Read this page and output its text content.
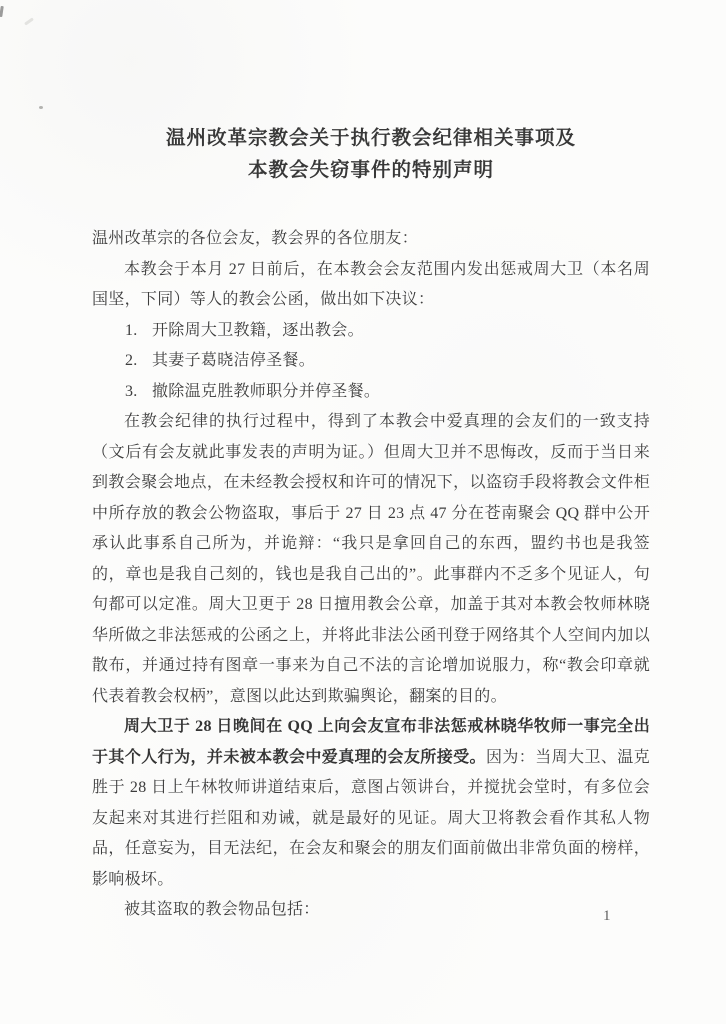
温州改革宗教会关于执行教会纪律相关事项及
本教会失窃事件的特别声明

温州改革宗的各位会友，教会界的各位朋友：

本教会于本月 27 日前后，在本教会会友范围内发出惩戒周大卫（本名周国坚，下同）等人的教会公函，做出如下决议：

1. 开除周大卫教籍，逐出教会。
2. 其妻子葛晓洁停圣餐。
3. 撤除温克胜教师职分并停圣餐。

在教会纪律的执行过程中，得到了本教会中爱真理的会友们的一致支持（文后有会友就此事发表的声明为证。）但周大卫并不思悔改，反而于当日来到教会聚会地点，在未经教会授权和许可的情况下，以盗窃手段将教会文件柜中所存放的教会公物盗取，事后于 27 日 23 点 47 分在苍南聚会 QQ 群中公开承认此事系自己所为，并诡辩：“我只是拿回自己的东西，盟约书也是我签的，章也是我自己刻的，钱也是我自己出的”。此事群内不乏多个见证人，句句都可以定准。周大卫更于 28 日擅用教会公章，加盖于其对本教会牧师林晓华所做之非法惩戒的公函之上，并将此非法公函刊登于网络其个人空间内加以散布，并通过持有图章一事来为自己不法的言论增加说服力，称“教会印章就代表着教会权柄”，意图以此达到欺骗舆论，翻案的目的。

周大卫于 28 日晚间在 QQ 上向会友宣布非法惩戒林晓华牧师一事完全出于其个人行为，并未被本教会中爱真理的会友所接受。因为：当周大卫、温克胜于 28 日上午林牧师讲道结束后，意图占领讲台，并搅扰会堂时，有多位会友起来对其进行拦阻和劝诫，就是最好的见证。周大卫将教会看作其私人物品，任意妄为，目无法纪，在会友和聚会的朋友们面前做出非常负面的榜样，影响极坏。

被其盗取的教会物品包括：	1
